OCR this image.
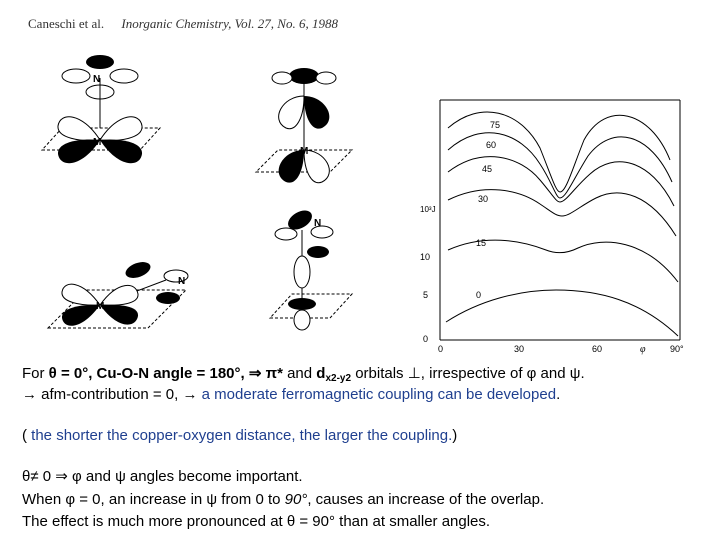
Caneschi et al. Inorganic Chemistry, Vol. 27, No. 6, 1988
N
M
N
M
N
M
N
0
5
10
10³J
0	30	60	90°
φ
75
60
45
30
15
0
For θ = 0°, Cu-O-N angle = 180°, ⇒ π* and $d_{x2-y2}$ orbitals ⊥, irrespective of φ and ψ.
→ afm-contribution = 0, → a moderate ferromagnetic coupling can be developed.
( the shorter the copper-oxygen distance, the larger the coupling.)
θ≠ 0 ⇒ φ and ψ angles become important.
When φ = 0, an increase in ψ from 0 to 90°, causes an increase of the overlap.
The effect is much more pronounced at θ = 90° than at smaller angles.
